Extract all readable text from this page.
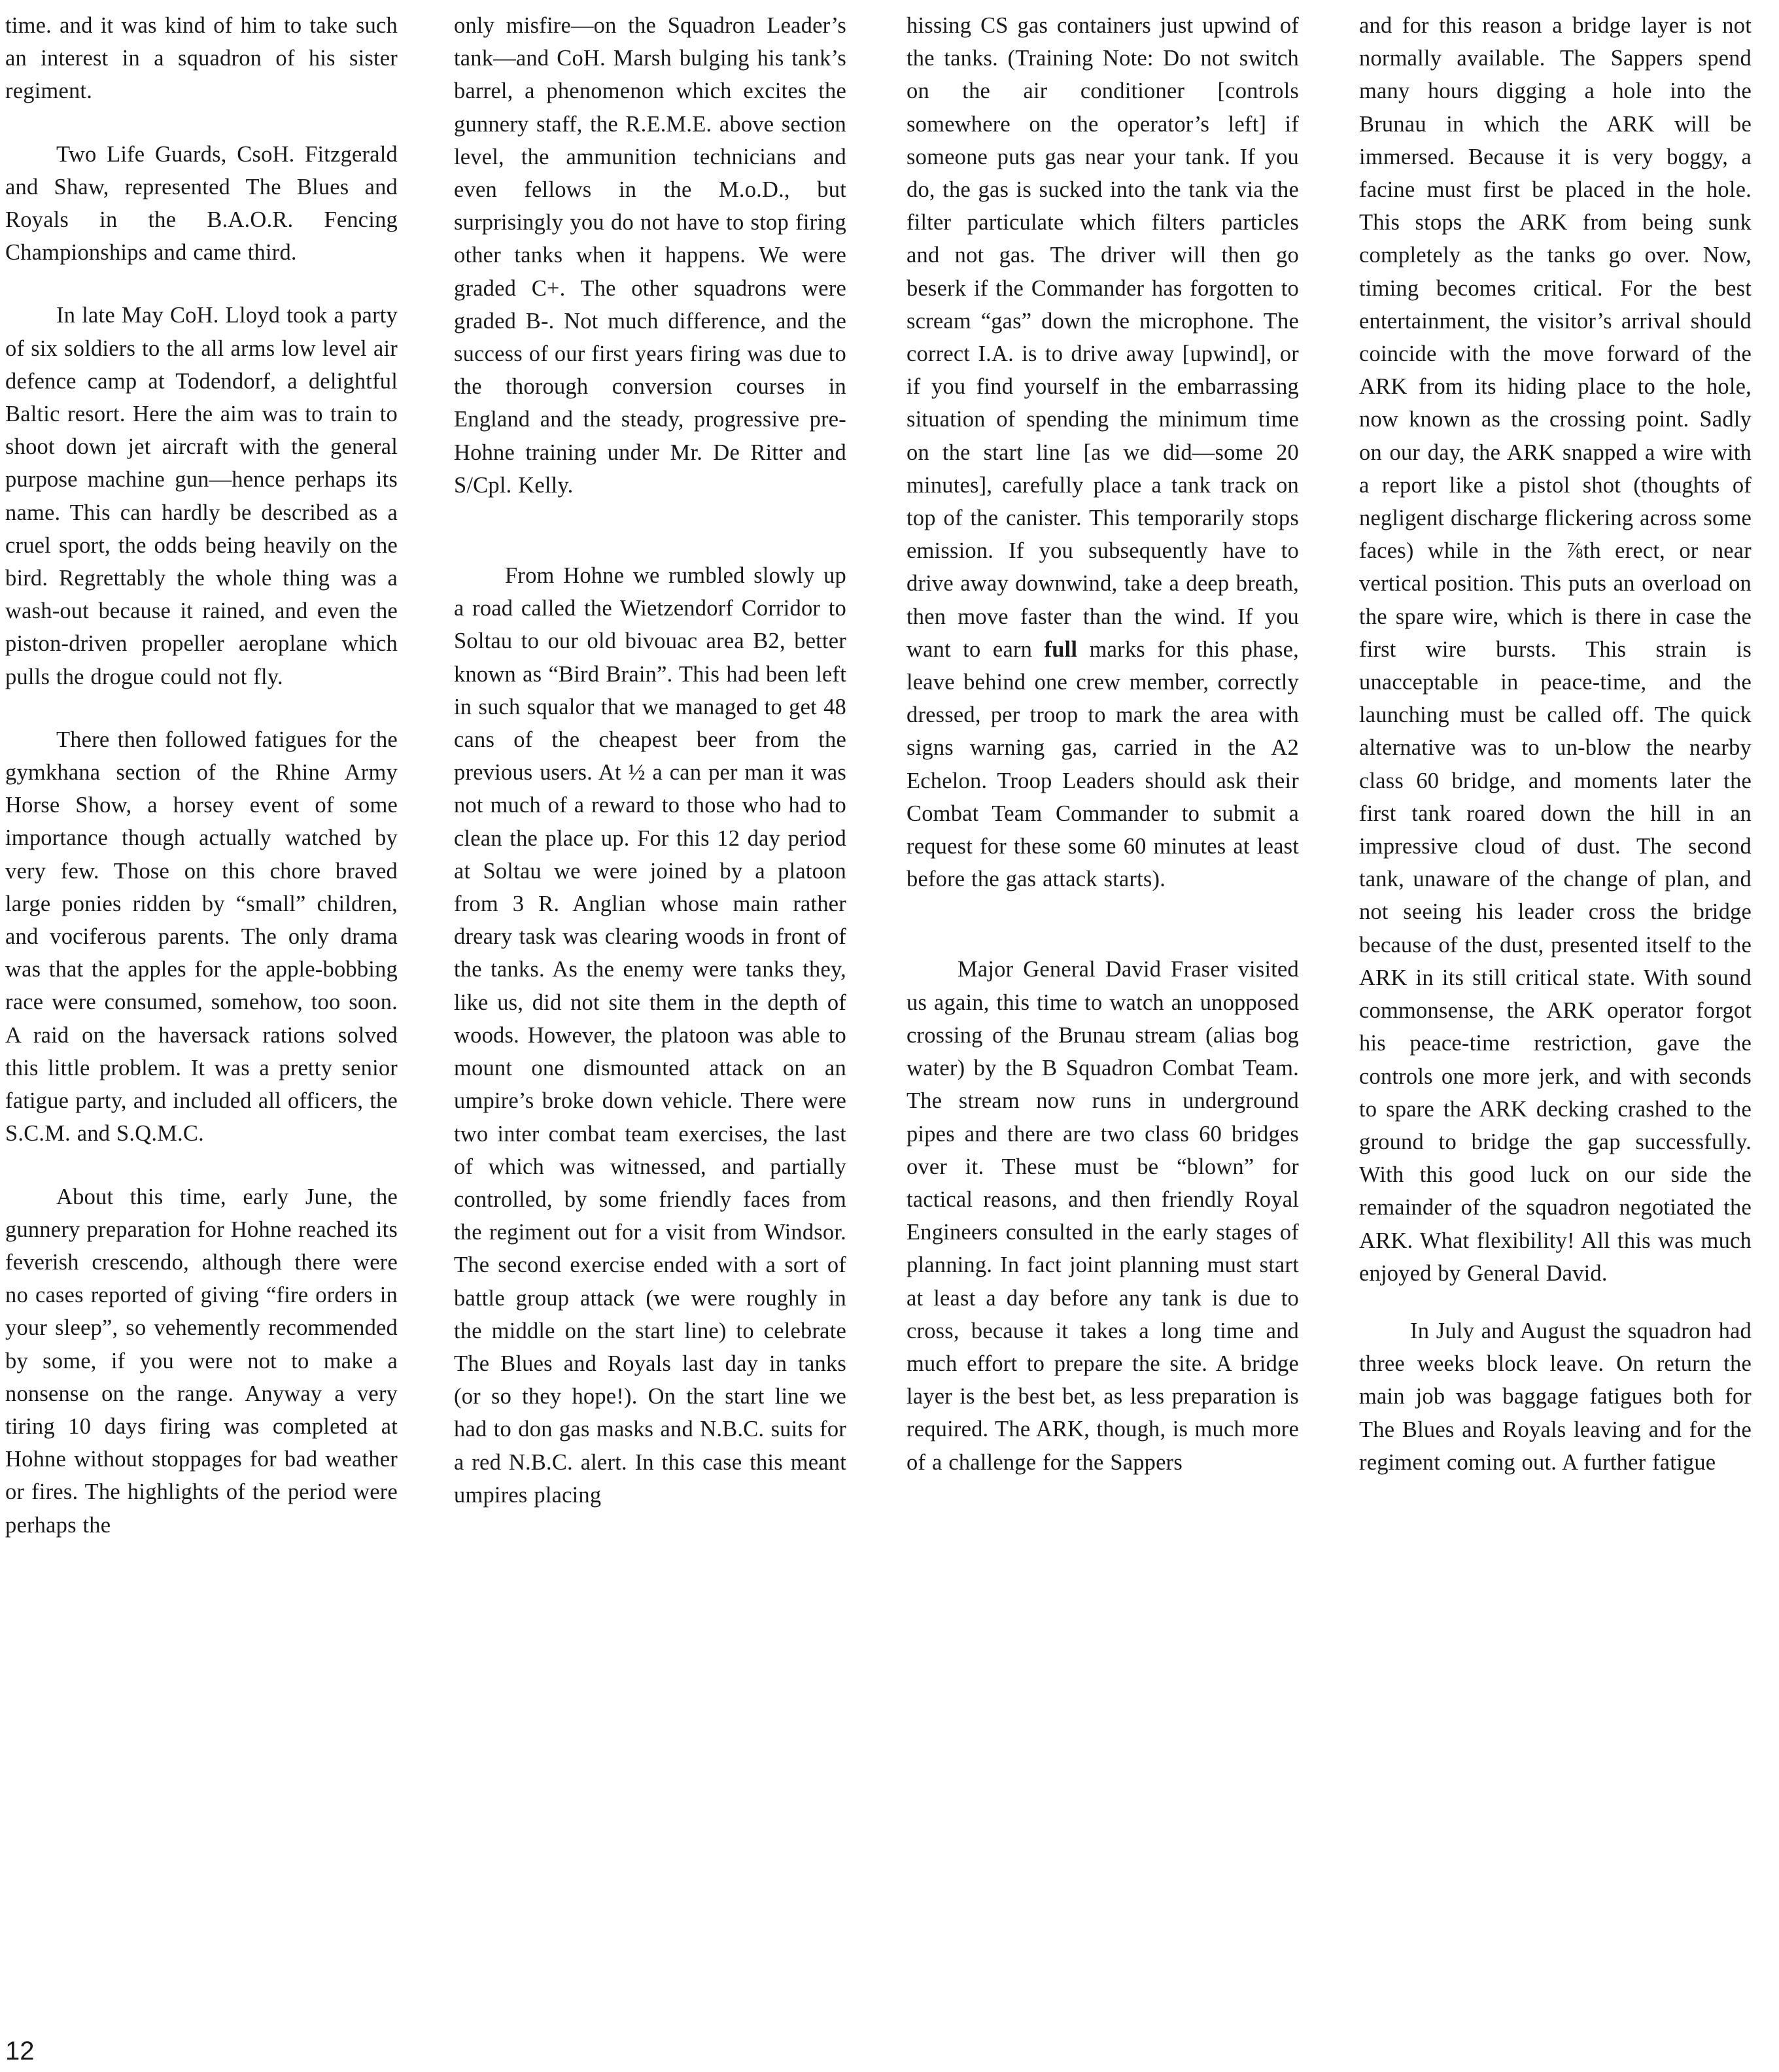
time. and it was kind of him to take such an interest in a squadron of his sister regiment.

Two Life Guards, CsoH. Fitzgerald and Shaw, represented The Blues and Royals in the B.A.O.R. Fencing Championships and came third.

In late May CoH. Lloyd took a party of six soldiers to the all arms low level air defence camp at Todendorf, a delightful Baltic resort. Here the aim was to train to shoot down jet aircraft with the general purpose machine gun—hence perhaps its name. This can hardly be described as a cruel sport, the odds being heavily on the bird. Regrettably the whole thing was a wash-out because it rained, and even the piston-driven propeller aeroplane which pulls the drogue could not fly.

There then followed fatigues for the gymkhana section of the Rhine Army Horse Show, a horsey event of some importance though actually watched by very few. Those on this chore braved large ponies ridden by “small” children, and vociferous parents. The only drama was that the apples for the apple-bobbing race were consumed, somehow, too soon. A raid on the haversack rations solved this little problem. It was a pretty senior fatigue party, and included all officers, the S.C.M. and S.Q.M.C.

About this time, early June, the gunnery preparation for Hohne reached its feverish crescendo, although there were no cases reported of giving “fire orders in your sleep”, so vehemently recommended by some, if you were not to make a nonsense on the range. Anyway a very tiring 10 days firing was completed at Hohne without stoppages for bad weather or fires. The highlights of the period were perhaps the

only misfire—on the Squadron Leader’s tank—and CoH. Marsh bulging his tank’s barrel, a phenomenon which excites the gunnery staff, the R.E.M.E. above section level, the ammunition technicians and even fellows in the M.o.D., but surprisingly you do not have to stop firing other tanks when it happens. We were graded C+. The other squadrons were graded B-. Not much difference, and the success of our first years firing was due to the thorough conversion courses in England and the steady, progressive pre-Hohne training under Mr. De Ritter and S/Cpl. Kelly.

From Hohne we rumbled slowly up a road called the Wietzendorf Corridor to Soltau to our old bivouac area B2, better known as “Bird Brain”. This had been left in such squalor that we managed to get 48 cans of the cheapest beer from the previous users. At ½ a can per man it was not much of a reward to those who had to clean the place up. For this 12 day period at Soltau we were joined by a platoon from 3 R. Anglian whose main rather dreary task was clearing woods in front of the tanks. As the enemy were tanks they, like us, did not site them in the depth of woods. However, the platoon was able to mount one dismounted attack on an umpire’s broke down vehicle. There were two inter combat team exercises, the last of which was witnessed, and partially controlled, by some friendly faces from the regiment out for a visit from Windsor. The second exercise ended with a sort of battle group attack (we were roughly in the middle on the start line) to celebrate The Blues and Royals last day in tanks (or so they hope!). On the start line we had to don gas masks and N.B.C. suits for a red N.B.C. alert. In this case this meant umpires placing

hissing CS gas containers just upwind of the tanks. (Training Note: Do not switch on the air conditioner [controls somewhere on the operator’s left] if someone puts gas near your tank. If you do, the gas is sucked into the tank via the filter particulate which filters particles and not gas. The driver will then go beserk if the Commander has forgotten to scream “gas” down the microphone. The correct I.A. is to drive away [upwind], or if you find yourself in the embarrassing situation of spending the minimum time on the start line [as we did—some 20 minutes], carefully place a tank track on top of the canister. This temporarily stops emission. If you subsequently have to drive away downwind, take a deep breath, then move faster than the wind. If you want to earn full marks for this phase, leave behind one crew member, correctly dressed, per troop to mark the area with signs warning gas, carried in the A2 Echelon. Troop Leaders should ask their Combat Team Commander to submit a request for these some 60 minutes at least before the gas attack starts).

Major General David Fraser visited us again, this time to watch an unopposed crossing of the Brunau stream (alias bog water) by the B Squadron Combat Team. The stream now runs in underground pipes and there are two class 60 bridges over it. These must be “blown” for tactical reasons, and then friendly Royal Engineers consulted in the early stages of planning. In fact joint planning must start at least a day before any tank is due to cross, because it takes a long time and much effort to prepare the site. A bridge layer is the best bet, as less preparation is required. The ARK, though, is much more of a challenge for the Sappers

and for this reason a bridge layer is not normally available. The Sappers spend many hours digging a hole into the Brunau in which the ARK will be immersed. Because it is very boggy, a facine must first be placed in the hole. This stops the ARK from being sunk completely as the tanks go over. Now, timing becomes critical. For the best entertainment, the visitor’s arrival should coincide with the move forward of the ARK from its hiding place to the hole, now known as the crossing point. Sadly on our day, the ARK snapped a wire with a report like a pistol shot (thoughts of negligent discharge flickering across some faces) while in the ⅞th erect, or near vertical position. This puts an overload on the spare wire, which is there in case the first wire bursts. This strain is unacceptable in peace-time, and the launching must be called off. The quick alternative was to un-blow the nearby class 60 bridge, and moments later the first tank roared down the hill in an impressive cloud of dust. The second tank, unaware of the change of plan, and not seeing his leader cross the bridge because of the dust, presented itself to the ARK in its still critical state. With sound commonsense, the ARK operator forgot his peace-time restriction, gave the controls one more jerk, and with seconds to spare the ARK decking crashed to the ground to bridge the gap successfully. With this good luck on our side the remainder of the squadron negotiated the ARK. What flexibility! All this was much enjoyed by General David.

In July and August the squadron had three weeks block leave. On return the main job was baggage fatigues both for The Blues and Royals leaving and for the regiment coming out. A further fatigue

12
